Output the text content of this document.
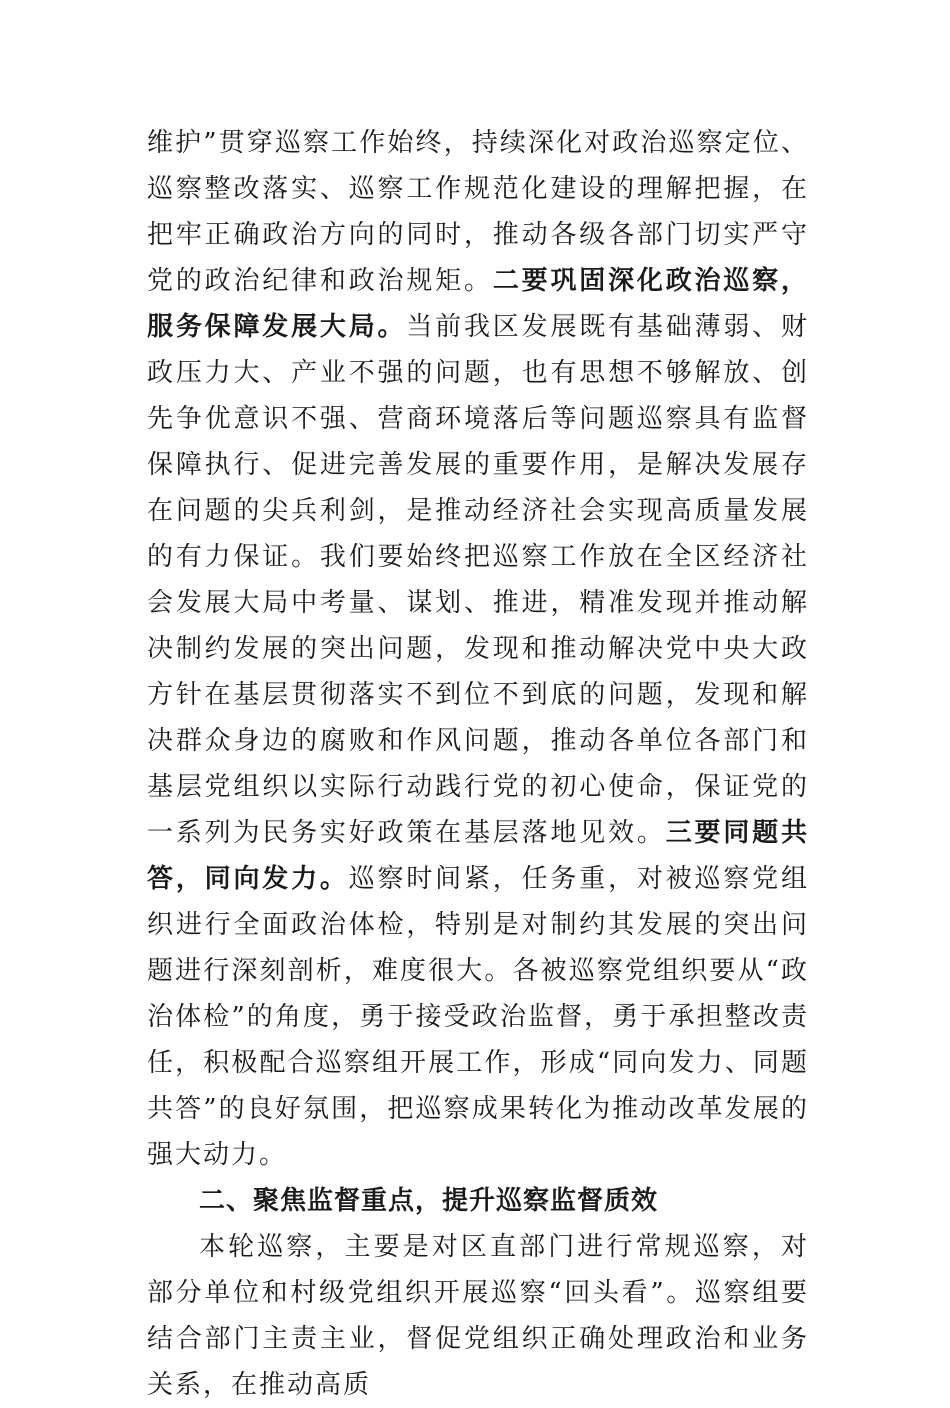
维护”贯穿巡察工作始终，持续深化对政治巡察定位、巡察整改落实、巡察工作规范化建设的理解把握，在把牢正确政治方向的同时，推动各级各部门切实严守党的政治纪律和政治规矩。二要巩固深化政治巡察，服务保障发展大局。当前我区发展既有基础薄弱、财政压力大、产业不强的问题，也有思想不够解放、创先争优意识不强、营商环境落后等问题巡察具有监督保障执行、促进完善发展的重要作用，是解决发展存在问题的尖兵利剑，是推动经济社会实现高质量发展的有力保证。我们要始终把巡察工作放在全区经济社会发展大局中考量、谋划、推进，精准发现并推动解决制约发展的突出问题，发现和推动解决党中央大政方针在基层贯彻落实不到位不到底的问题，发现和解决群众身边的腐败和作风问题，推动各单位各部门和基层党组织以实际行动践行党的初心使命，保证党的一系列为民务实好政策在基层落地见效。三要同题共答，同向发力。巡察时间紧，任务重，对被巡察党组织进行全面政治体检，特别是对制约其发展的突出问题进行深刻剖析，难度很大。各被巡察党组织要从“政治体检”的角度，勇于接受政治监督，勇于承担整改责任，积极配合巡察组开展工作，形成“同向发力、同题共答”的良好氛围，把巡察成果转化为推动改革发展的强大动力。

二、聚焦监督重点，提升巡察监督质效

本轮巡察，主要是对区直部门进行常规巡察，对部分单位和村级党组织开展巡察“回头看”。巡察组要结合部门主责主业，督促党组织正确处理政治和业务关系，在推动高质
